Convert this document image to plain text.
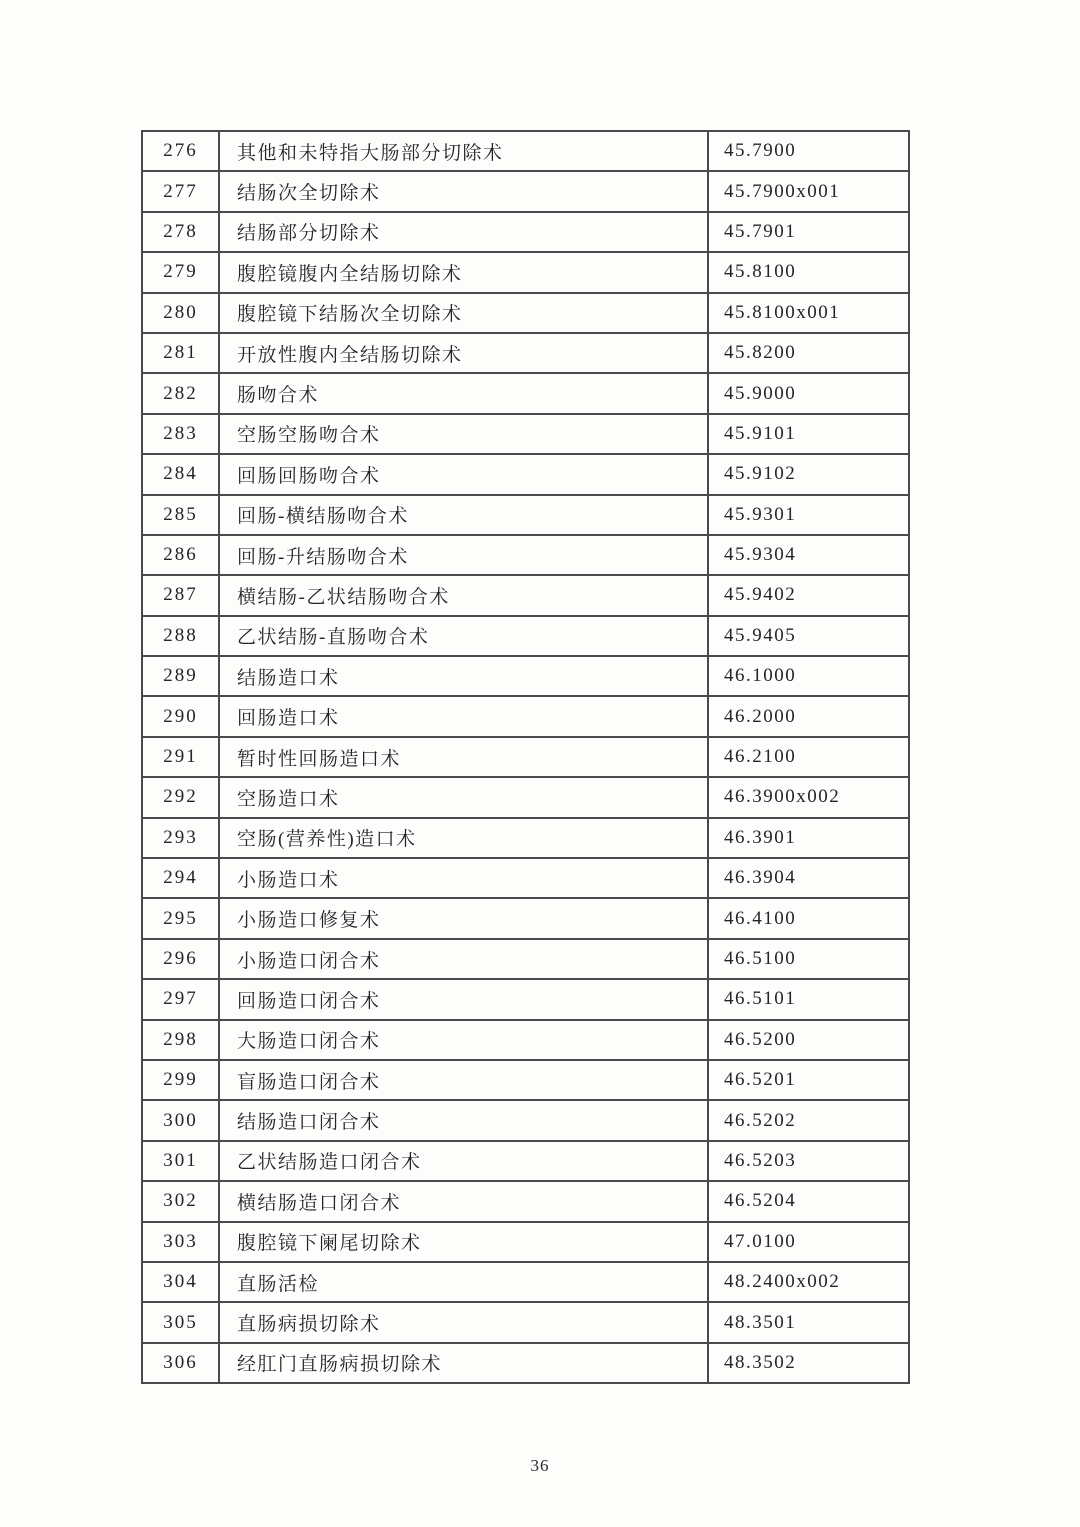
276	其他和未特指大肠部分切除术	45.7900
277	结肠次全切除术	45.7900x001
278	结肠部分切除术	45.7901
279	腹腔镜腹内全结肠切除术	45.8100
280	腹腔镜下结肠次全切除术	45.8100x001
281	开放性腹内全结肠切除术	45.8200
282	肠吻合术	45.9000
283	空肠空肠吻合术	45.9101
284	回肠回肠吻合术	45.9102
285	回肠-横结肠吻合术	45.9301
286	回肠-升结肠吻合术	45.9304
287	横结肠-乙状结肠吻合术	45.9402
288	乙状结肠-直肠吻合术	45.9405
289	结肠造口术	46.1000
290	回肠造口术	46.2000
291	暂时性回肠造口术	46.2100
292	空肠造口术	46.3900x002
293	空肠(营养性)造口术	46.3901
294	小肠造口术	46.3904
295	小肠造口修复术	46.4100
296	小肠造口闭合术	46.5100
297	回肠造口闭合术	46.5101
298	大肠造口闭合术	46.5200
299	盲肠造口闭合术	46.5201
300	结肠造口闭合术	46.5202
301	乙状结肠造口闭合术	46.5203
302	横结肠造口闭合术	46.5204
303	腹腔镜下阑尾切除术	47.0100
304	直肠活检	48.2400x002
305	直肠病损切除术	48.3501
306	经肛门直肠病损切除术	48.3502
36
